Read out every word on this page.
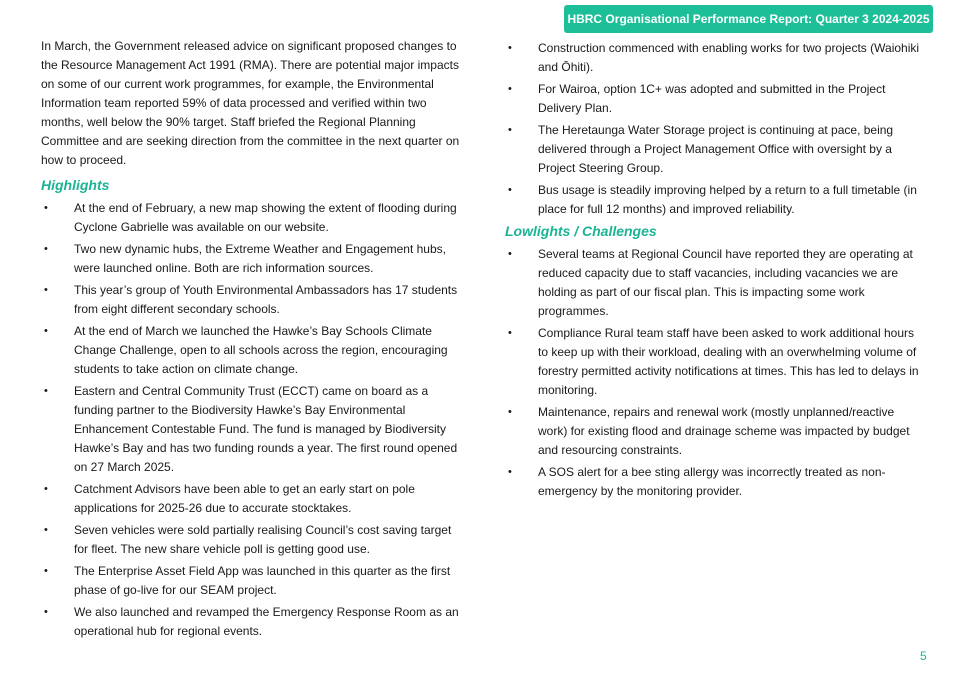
HBRC Organisational Performance Report: Quarter 3 2024-2025

In March, the Government released advice on significant proposed changes to the Resource Management Act 1991 (RMA). There are potential major impacts on some of our current work programmes, for example, the Environmental Information team reported 59% of data processed and verified within two months, well below the 90% target. Staff briefed the Regional Planning Committee and are seeking direction from the committee in the next quarter on how to proceed.

Highlights
• At the end of February, a new map showing the extent of flooding during Cyclone Gabrielle was available on our website.
• Two new dynamic hubs, the Extreme Weather and Engagement hubs, were launched online. Both are rich information sources.
• This year’s group of Youth Environmental Ambassadors has 17 students from eight different secondary schools.
• At the end of March we launched the Hawke’s Bay Schools Climate Change Challenge, open to all schools across the region, encouraging students to take action on climate change.
• Eastern and Central Community Trust (ECCT) came on board as a funding partner to the Biodiversity Hawke’s Bay Environmental Enhancement Contestable Fund. The fund is managed by Biodiversity Hawke’s Bay and has two funding rounds a year. The first round opened on 27 March 2025.
• Catchment Advisors have been able to get an early start on pole applications for 2025-26 due to accurate stocktakes.
• Seven vehicles were sold partially realising Council’s cost saving target for fleet. The new share vehicle poll is getting good use.
• The Enterprise Asset Field App was launched in this quarter as the first phase of go-live for our SEAM project.
• We also launched and revamped the Emergency Response Room as an operational hub for regional events.
• Construction commenced with enabling works for two projects (Waiohiki and Ōhiti).
• For Wairoa, option 1C+ was adopted and submitted in the Project Delivery Plan.
• The Heretaunga Water Storage project is continuing at pace, being delivered through a Project Management Office with oversight by a Project Steering Group.
• Bus usage is steadily improving helped by a return to a full timetable (in place for full 12 months) and improved reliability.
Lowlights / Challenges
• Several teams at Regional Council have reported they are operating at reduced capacity due to staff vacancies, including vacancies we are holding as part of our fiscal plan. This is impacting some work programmes.
• Compliance Rural team staff have been asked to work additional hours to keep up with their workload, dealing with an overwhelming volume of forestry permitted activity notifications at times. This has led to delays in monitoring.
• Maintenance, repairs and renewal work (mostly unplanned/reactive work) for existing flood and drainage scheme was impacted by budget and resourcing constraints.
• A SOS alert for a bee sting allergy was incorrectly treated as non-emergency by the monitoring provider.
5
